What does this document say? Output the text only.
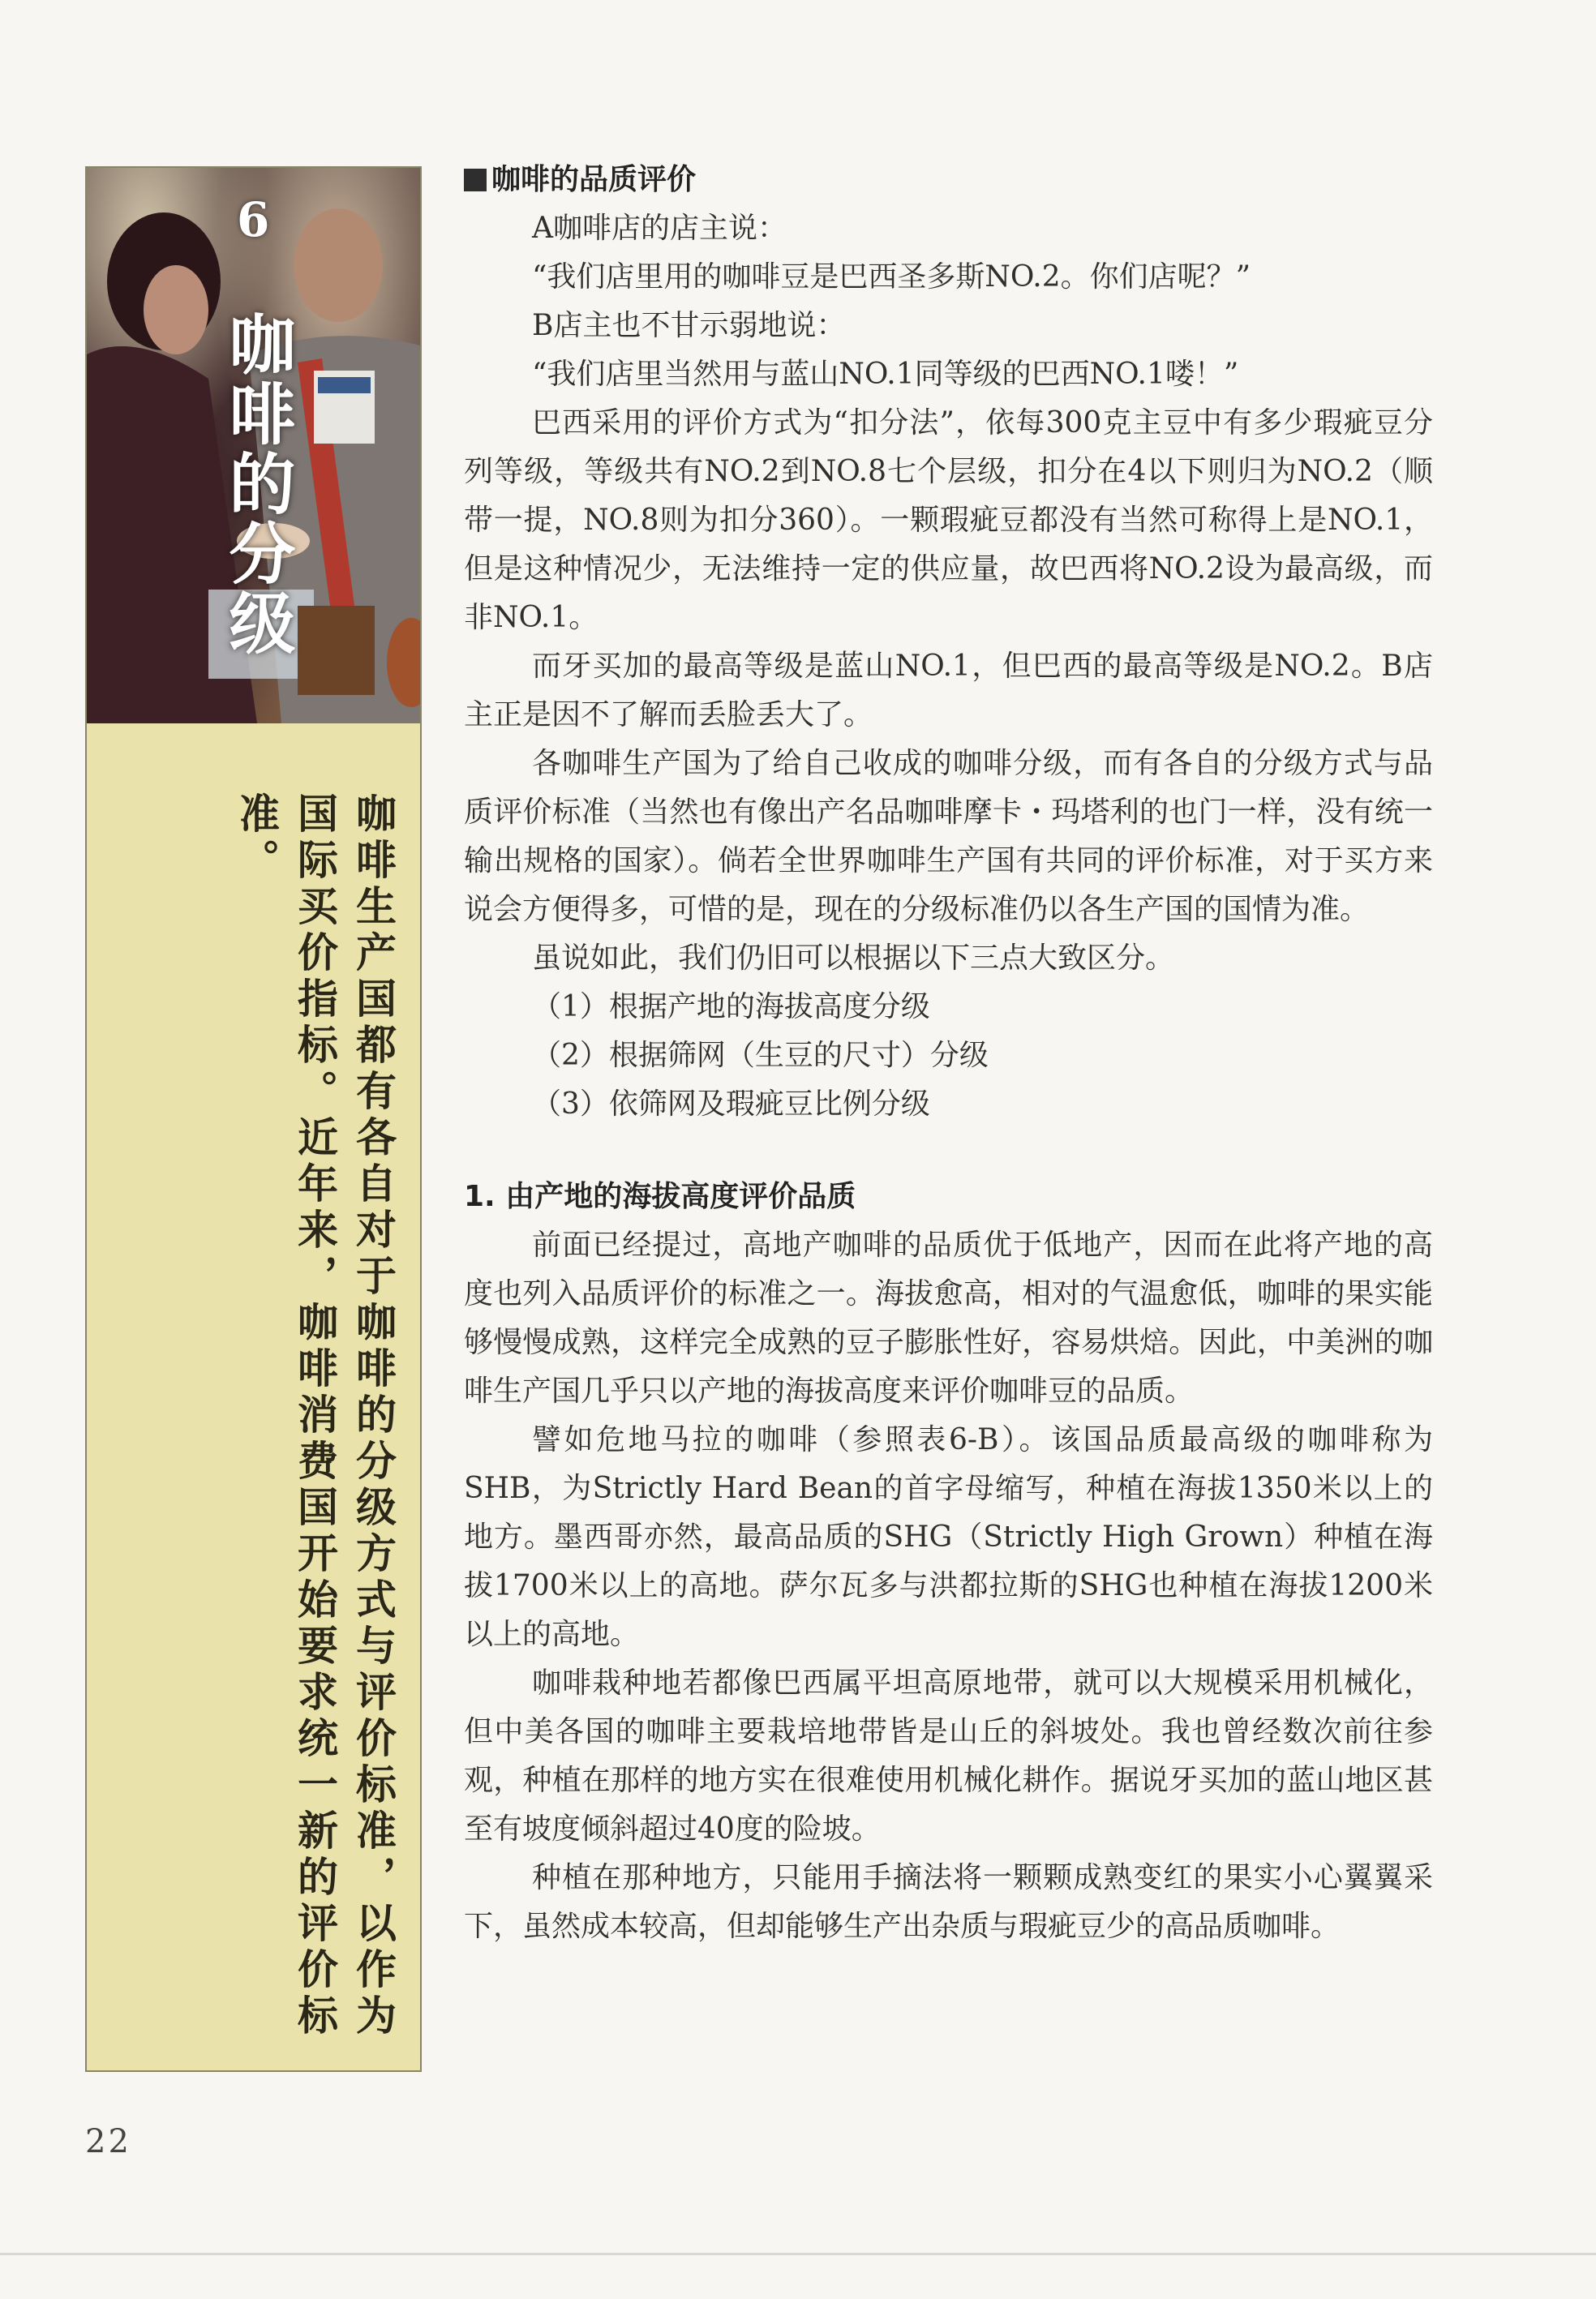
6
咖啡的分级
咖啡生产国都有各自对于咖啡的分级方式与评价标准，以作为国际买价指标。近年来，咖啡消费国开始要求统一新的评价标准。
咖啡的品质评价

A咖啡店的店主说：

“我们店里用的咖啡豆是巴西圣多斯NO.2。你们店呢？”

B店主也不甘示弱地说：

“我们店里当然用与蓝山NO.1同等级的巴西NO.1喽！”

巴西采用的评价方式为“扣分法”，依每300克主豆中有多少瑕疵豆分列等级，等级共有NO.2到NO.8七个层级，扣分在4以下则归为NO.2（顺带一提，NO.8则为扣分360）。一颗瑕疵豆都没有当然可称得上是NO.1，但是这种情况少，无法维持一定的供应量，故巴西将NO.2设为最高级，而非NO.1。

而牙买加的最高等级是蓝山NO.1，但巴西的最高等级是NO.2。B店主正是因不了解而丢脸丢大了。

各咖啡生产国为了给自己收成的咖啡分级，而有各自的分级方式与品质评价标准（当然也有像出产名品咖啡摩卡・玛塔利的也门一样，没有统一输出规格的国家）。倘若全世界咖啡生产国有共同的评价标准，对于买方来说会方便得多，可惜的是，现在的分级标准仍以各生产国的国情为准。

虽说如此，我们仍旧可以根据以下三点大致区分。

（1）根据产地的海拔高度分级

（2）根据筛网（生豆的尺寸）分级

（3）依筛网及瑕疵豆比例分级

1. 由产地的海拔高度评价品质

前面已经提过，高地产咖啡的品质优于低地产，因而在此将产地的高度也列入品质评价的标准之一。海拔愈高，相对的气温愈低，咖啡的果实能够慢慢成熟，这样完全成熟的豆子膨胀性好，容易烘焙。因此，中美洲的咖啡生产国几乎只以产地的海拔高度来评价咖啡豆的品质。

譬如危地马拉的咖啡（参照表6-B）。该国品质最高级的咖啡称为SHB，为Strictly Hard Bean的首字母缩写，种植在海拔1350米以上的地方。墨西哥亦然，最高品质的SHG（Strictly High Grown）种植在海拔1700米以上的高地。萨尔瓦多与洪都拉斯的SHG也种植在海拔1200米以上的高地。

咖啡栽种地若都像巴西属平坦高原地带，就可以大规模采用机械化，但中美各国的咖啡主要栽培地带皆是山丘的斜坡处。我也曾经数次前往参观，种植在那样的地方实在很难使用机械化耕作。据说牙买加的蓝山地区甚至有坡度倾斜超过40度的险坡。

种植在那种地方，只能用手摘法将一颗颗成熟变红的果实小心翼翼采下，虽然成本较高，但却能够生产出杂质与瑕疵豆少的高品质咖啡。

22
